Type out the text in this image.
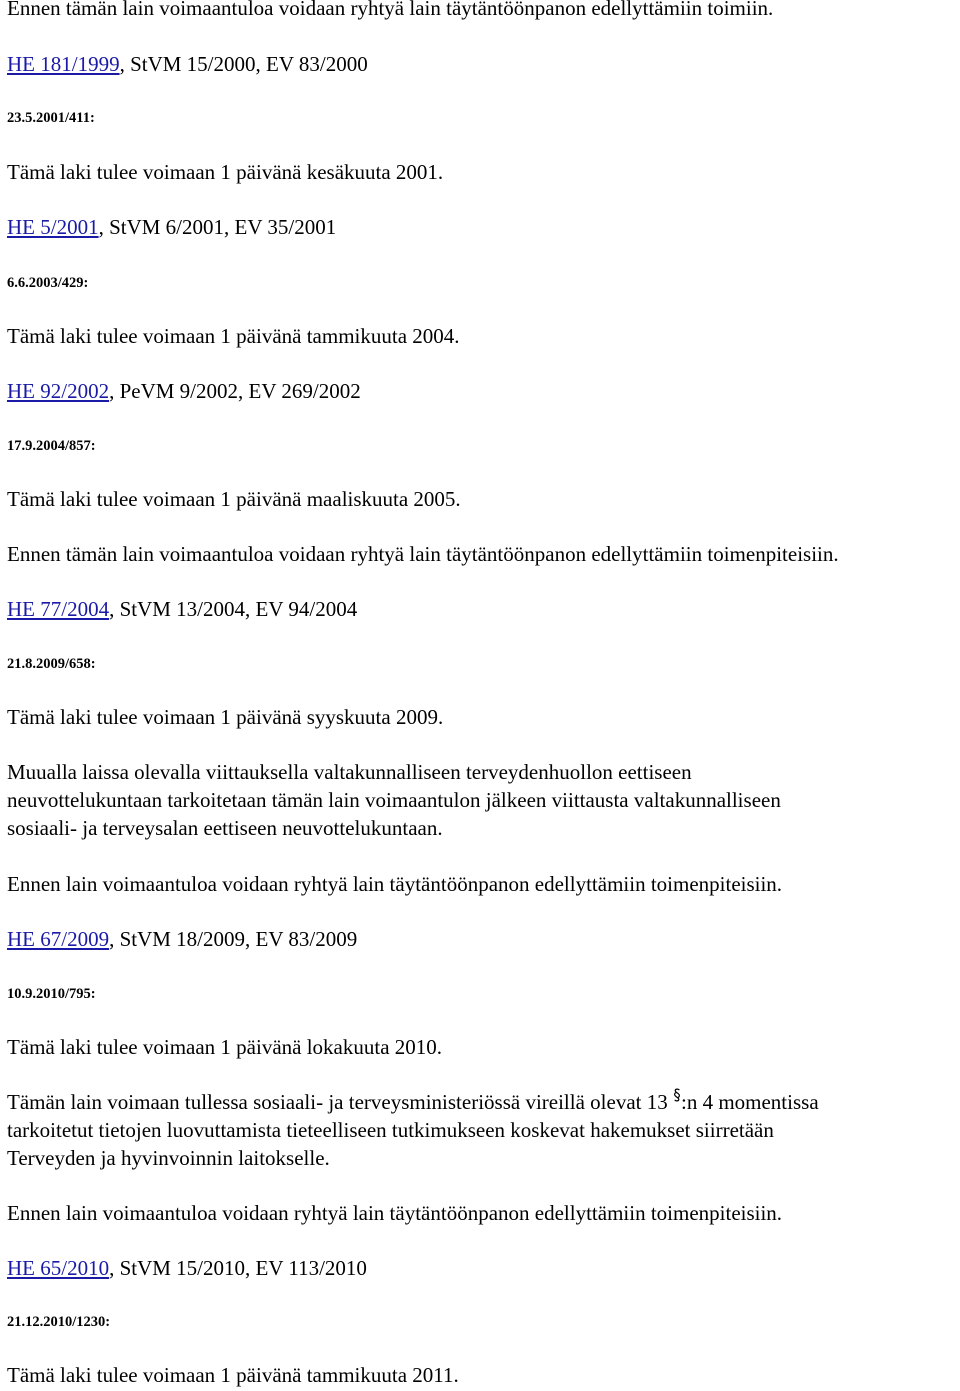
Ennen tämän lain voimaantuloa voidaan ryhtyä lain täytäntöönpanon edellyttämiin toimiin.

HE 181/1999, StVM 15/2000, EV 83/2000

23.5.2001/411:

Tämä laki tulee voimaan 1 päivänä kesäkuuta 2001.

HE 5/2001, StVM 6/2001, EV 35/2001

6.6.2003/429:

Tämä laki tulee voimaan 1 päivänä tammikuuta 2004.

HE 92/2002, PeVM 9/2002, EV 269/2002

17.9.2004/857:

Tämä laki tulee voimaan 1 päivänä maaliskuuta 2005.

Ennen tämän lain voimaantuloa voidaan ryhtyä lain täytäntöönpanon edellyttämiin toimenpiteisiin.

HE 77/2004, StVM 13/2004, EV 94/2004

21.8.2009/658:

Tämä laki tulee voimaan 1 päivänä syyskuuta 2009.

Muualla laissa olevalla viittauksella valtakunnalliseen terveydenhuollon eettiseen

neuvottelukuntaan tarkoitetaan tämän lain voimaantulon jälkeen viittausta valtakunnalliseen

sosiaali- ja terveysalan eettiseen neuvottelukuntaan.

Ennen lain voimaantuloa voidaan ryhtyä lain täytäntöönpanon edellyttämiin toimenpiteisiin.

HE 67/2009, StVM 18/2009, EV 83/2009

10.9.2010/795:

Tämä laki tulee voimaan 1 päivänä lokakuuta 2010.

Tämän lain voimaan tullessa sosiaali- ja terveysministeriössä vireillä olevat 13 :n 4 momentissa

tarkoitetut tietojen luovuttamista tieteelliseen tutkimukseen koskevat hakemukset siirretään

Terveyden ja hyvinvoinnin laitokselle.

Ennen lain voimaantuloa voidaan ryhtyä lain täytäntöönpanon edellyttämiin toimenpiteisiin.

HE 65/2010, StVM 15/2010, EV 113/2010

21.12.2010/1230:

Tämä laki tulee voimaan 1 päivänä tammikuuta 2011.
